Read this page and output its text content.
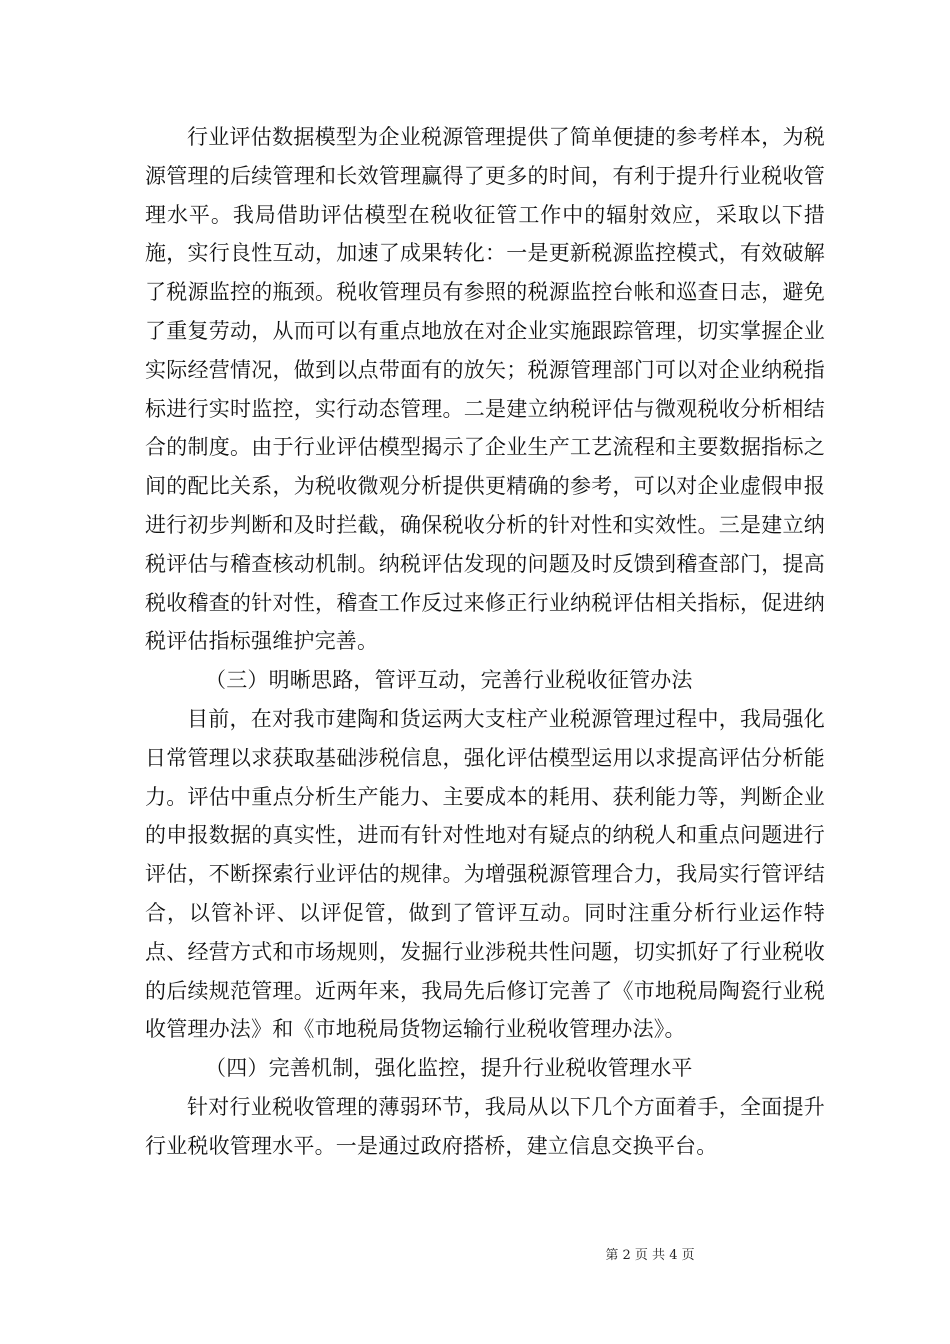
行业评估数据模型为企业税源管理提供了简单便捷的参考样本，为税源管理的后续管理和长效管理赢得了更多的时间，有利于提升行业税收管理水平。我局借助评估模型在税收征管工作中的辐射效应，采取以下措施，实行良性互动，加速了成果转化：一是更新税源监控模式，有效破解了税源监控的瓶颈。税收管理员有参照的税源监控台帐和巡查日志，避免了重复劳动，从而可以有重点地放在对企业实施跟踪管理，切实掌握企业实际经营情况，做到以点带面有的放矢；税源管理部门可以对企业纳税指标进行实时监控，实行动态管理。二是建立纳税评估与微观税收分析相结合的制度。由于行业评估模型揭示了企业生产工艺流程和主要数据指标之间的配比关系，为税收微观分析提供更精确的参考，可以对企业虚假申报进行初步判断和及时拦截，确保税收分析的针对性和实效性。三是建立纳税评估与稽查核动机制。纳税评估发现的问题及时反馈到稽查部门，提高税收稽查的针对性，稽查工作反过来修正行业纳税评估相关指标，促进纳税评估指标强维护完善。

（三）明晰思路，管评互动，完善行业税收征管办法

目前，在对我市建陶和货运两大支柱产业税源管理过程中，我局强化日常管理以求获取基础涉税信息，强化评估模型运用以求提高评估分析能力。评估中重点分析生产能力、主要成本的耗用、获利能力等，判断企业的申报数据的真实性，进而有针对性地对有疑点的纳税人和重点问题进行评估，不断探索行业评估的规律。为增强税源管理合力，我局实行管评结合，以管补评、以评促管，做到了管评互动。同时注重分析行业运作特点、经营方式和市场规则，发掘行业涉税共性问题，切实抓好了行业税收的后续规范管理。近两年来，我局先后修订完善了《市地税局陶瓷行业税收管理办法》和《市地税局货物运输行业税收管理办法》。

（四）完善机制，强化监控，提升行业税收管理水平

针对行业税收管理的薄弱环节，我局从以下几个方面着手，全面提升行业税收管理水平。一是通过政府搭桥，建立信息交换平台。

第 2 页 共 4 页
